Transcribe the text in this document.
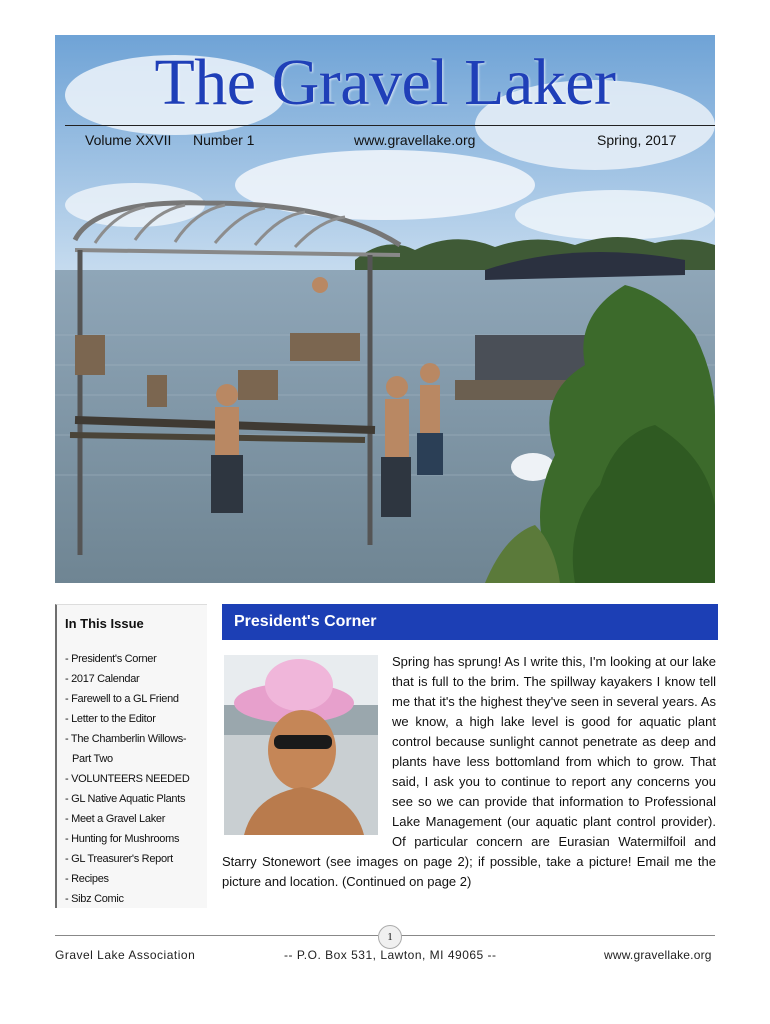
The Gravel Laker
Volume XXVII Number 1	www.gravellake.org	Spring, 2017
In This Issue
- President's Corner
- 2017 Calendar
- Farewell to a GL Friend
- Letter to the Editor
- The Chamberlin Willows-
Part Two
- VOLUNTEERS NEEDED
- GL Native Aquatic Plants
- Meet a Gravel Laker
- Hunting for Mushrooms
- GL Treasurer's Report
- Recipes
- Sibz Comic
President's Corner
Spring has sprung! As I write this, I'm looking at our lake that is full to the brim. The spillway kayakers I know tell me that it's the highest they've seen in several years. As we know, a high lake level is good for aquatic plant control because sunlight cannot penetrate as deep and plants have less bottomland from which to grow. That said, I ask you to continue to report any concerns you see so we can provide that information to Professional Lake Management (our aquatic plant control provider). Of particular concern are Eurasian Watermilfoil and Starry Stonewort (see images on page 2); if possible, take a picture! Email me the picture and location. (Continued on page 2)
1
Gravel Lake Association	-- P.O. Box 531, Lawton, MI 49065 --	www.gravellake.org
